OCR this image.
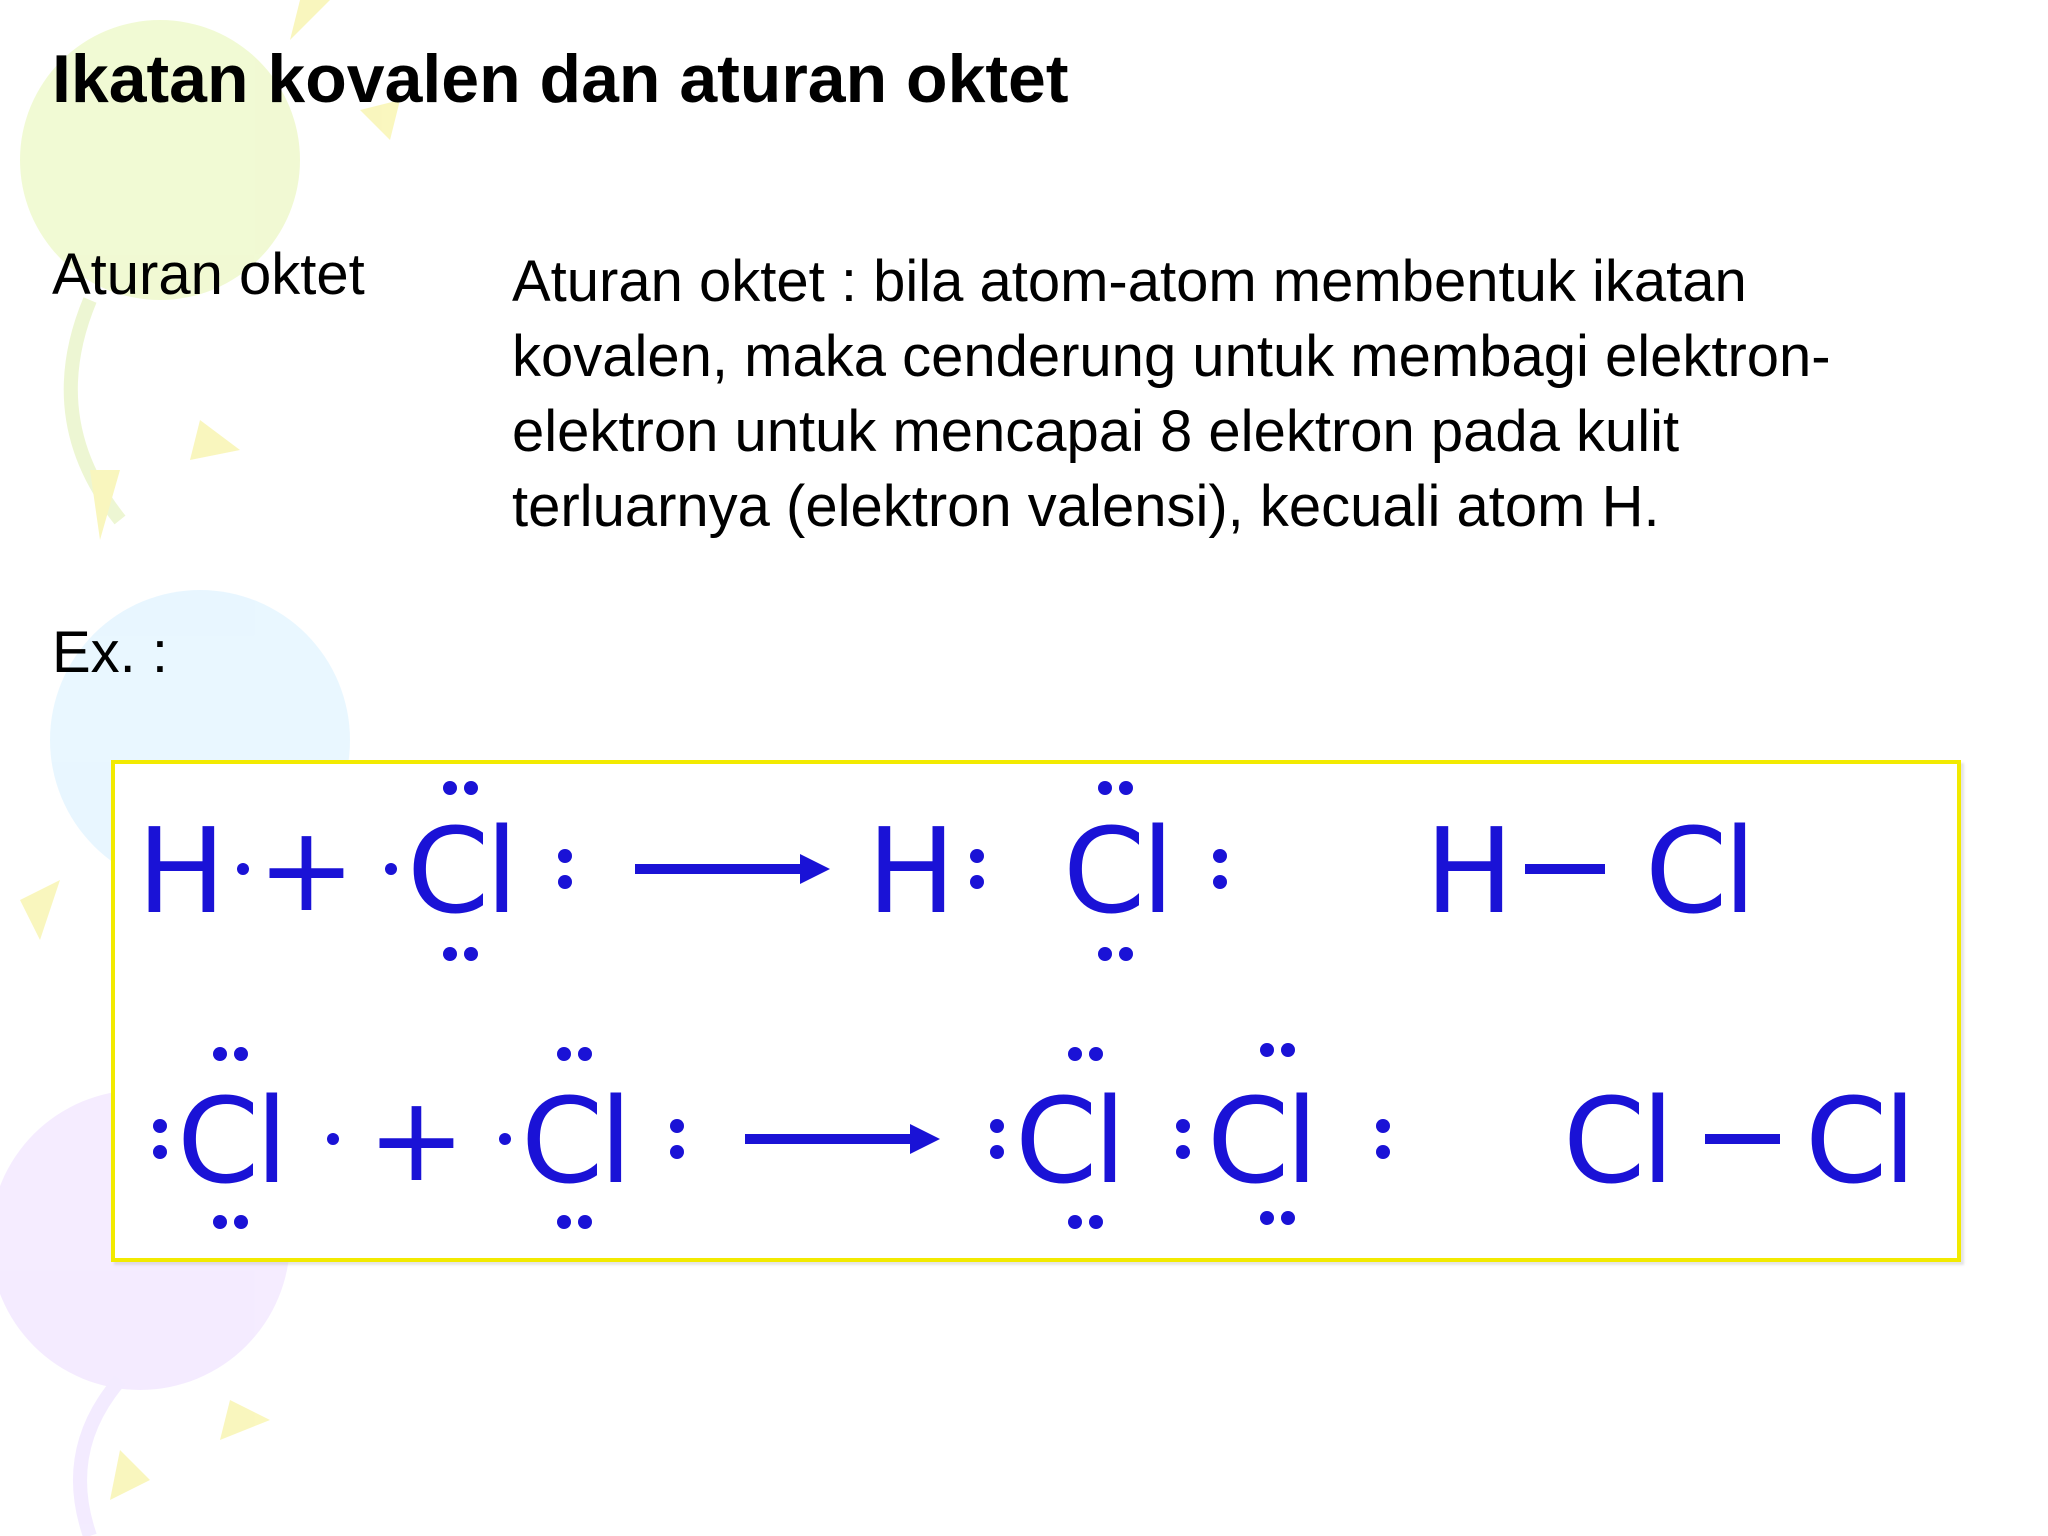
Ikatan kovalen dan aturan oktet
Aturan oktet	Aturan oktet : bila atom-atom membentuk ikatan
kovalen, maka cenderung untuk membagi elektron-
elektron untuk mencapai 8 elektron pada kulit
terluarnya (elektron valensi), kecuali atom H.
Ex. :
H + Cl	H Cl H Cl
Cl + Cl	Cl Cl Cl Cl
